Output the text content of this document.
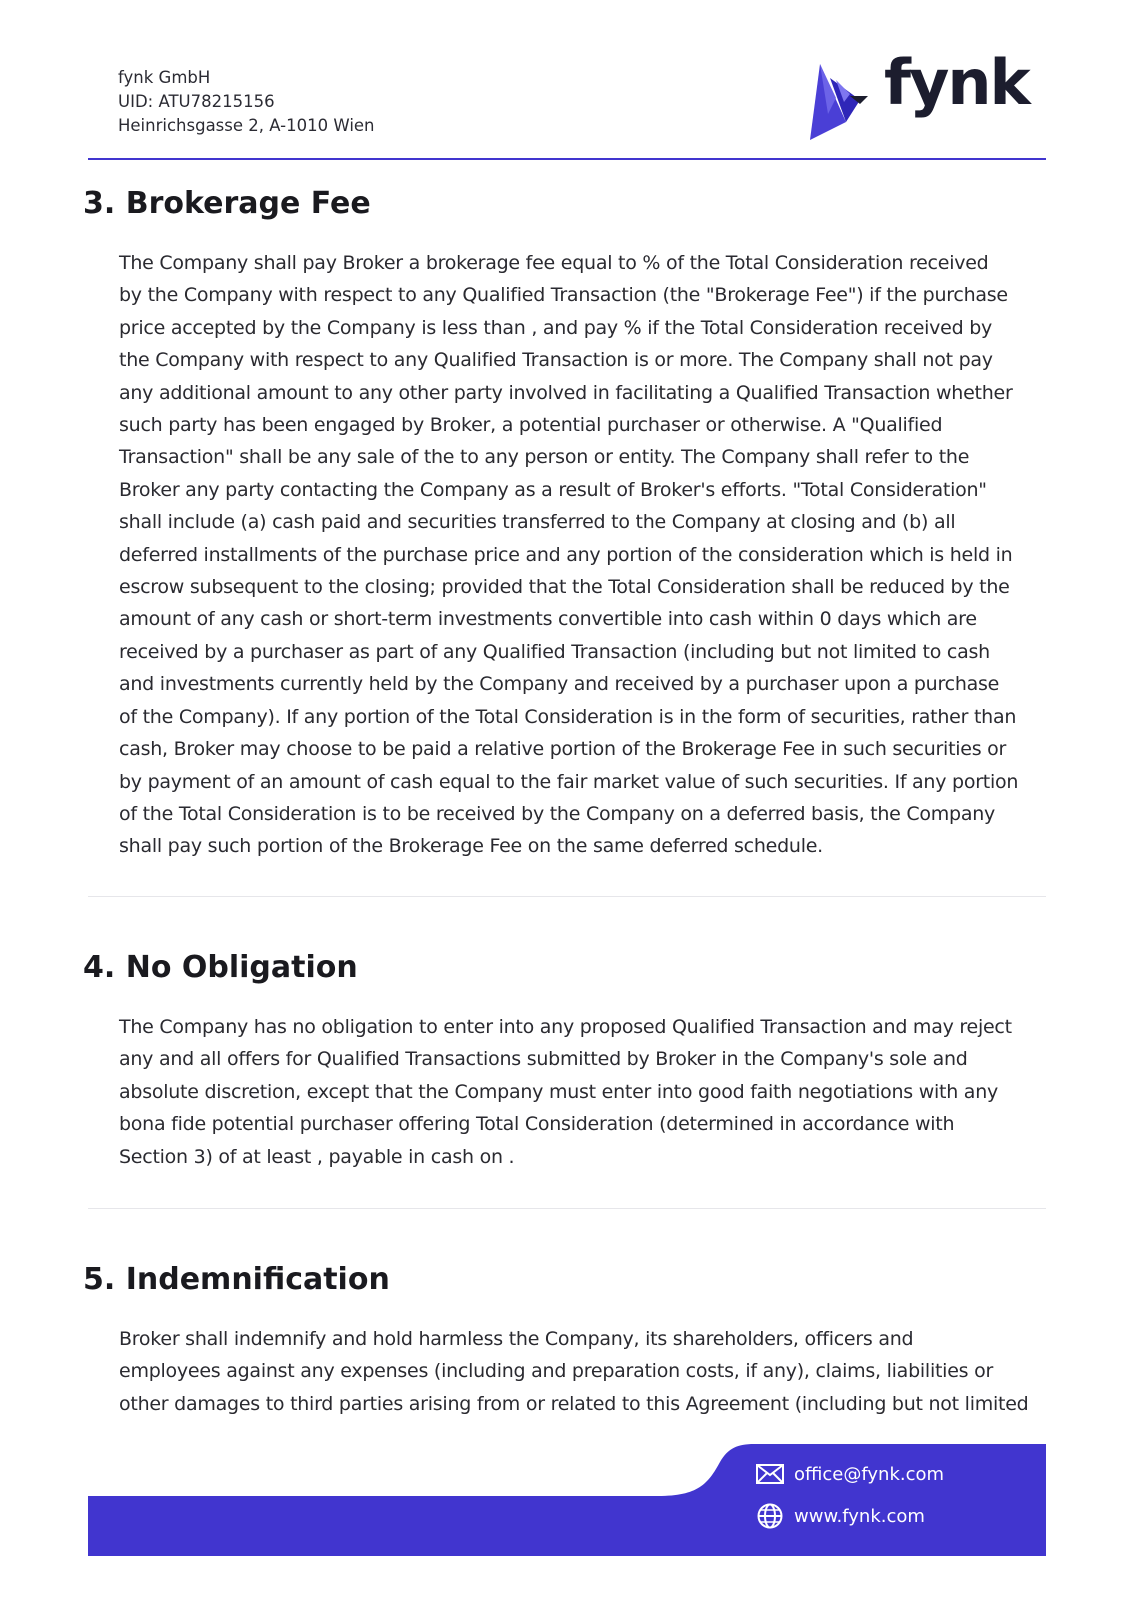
fynk GmbH
UID: ATU78215156
Heinrichsgasse 2, A-1010 Wien
fynk
3. Brokerage Fee

The Company shall pay Broker a brokerage fee equal to % of the Total Consideration received
by the Company with respect to any Qualified Transaction (the "Brokerage Fee") if the purchase
price accepted by the Company is less than , and pay % if the Total Consideration received by
the Company with respect to any Qualified Transaction is or more. The Company shall not pay
any additional amount to any other party involved in facilitating a Qualified Transaction whether
such party has been engaged by Broker, a potential purchaser or otherwise. A "Qualified
Transaction" shall be any sale of the to any person or entity. The Company shall refer to the
Broker any party contacting the Company as a result of Broker's efforts. "Total Consideration"
shall include (a) cash paid and securities transferred to the Company at closing and (b) all
deferred installments of the purchase price and any portion of the consideration which is held in
escrow subsequent to the closing; provided that the Total Consideration shall be reduced by the
amount of any cash or short-term investments convertible into cash within 0 days which are
received by a purchaser as part of any Qualified Transaction (including but not limited to cash
and investments currently held by the Company and received by a purchaser upon a purchase
of the Company). If any portion of the Total Consideration is in the form of securities, rather than
cash, Broker may choose to be paid a relative portion of the Brokerage Fee in such securities or
by payment of an amount of cash equal to the fair market value of such securities. If any portion
of the Total Consideration is to be received by the Company on a deferred basis, the Company
shall pay such portion of the Brokerage Fee on the same deferred schedule.

4. No Obligation

The Company has no obligation to enter into any proposed Qualified Transaction and may reject
any and all offers for Qualified Transactions submitted by Broker in the Company's sole and
absolute discretion, except that the Company must enter into good faith negotiations with any
bona fide potential purchaser offering Total Consideration (determined in accordance with
Section 3) of at least , payable in cash on .

5. Indemnification

Broker shall indemnify and hold harmless the Company, its shareholders, officers and
employees against any expenses (including and preparation costs, if any), claims, liabilities or
other damages to third parties arising from or related to this Agreement (including but not limited

office@fynk.com
www.fynk.com
